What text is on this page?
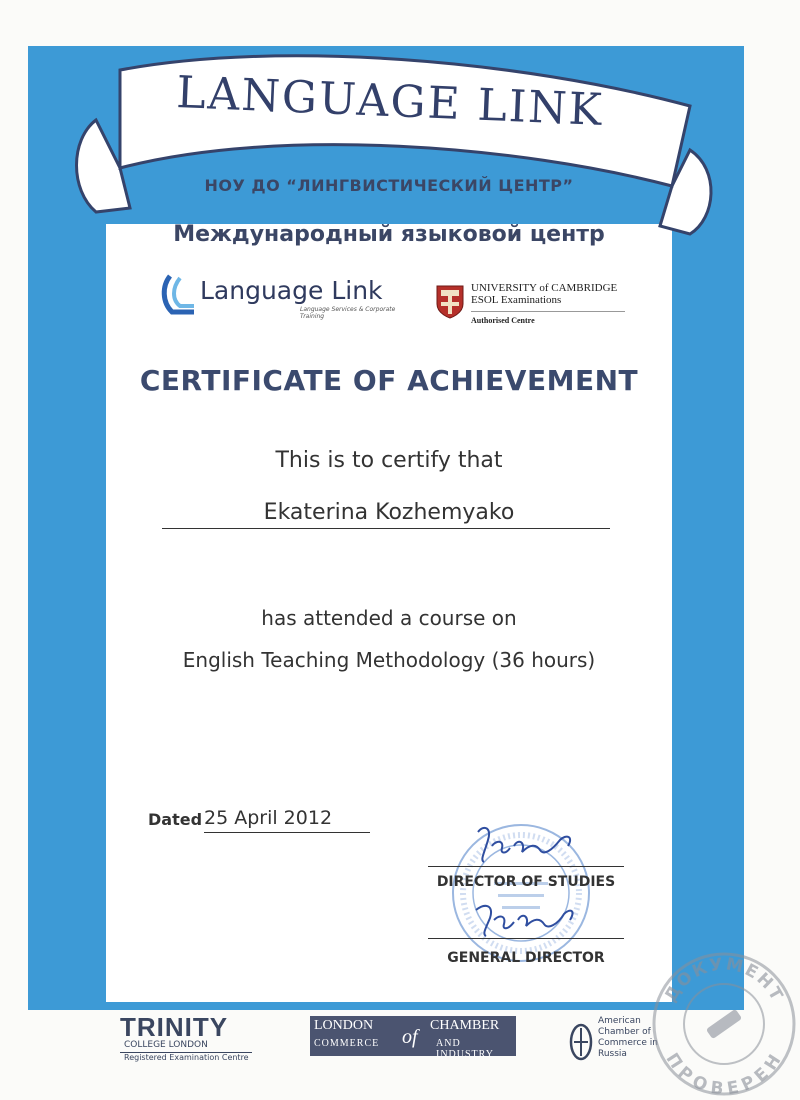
LANGUAGE LINK
НОУ ДО “ЛИНГВИСТИЧЕСКИЙ ЦЕНТР”
Международный языковой центр
Language Link
Language Services & Corporate Training
UNIVERSITY of CAMBRIDGE
ESOL Examinations
Authorised Centre
CERTIFICATE OF ACHIEVEMENT
This is to certify that
Ekaterina Kozhemyako
has attended a course on
English Teaching Methodology (36 hours)
Dated 25 April 2012
DIRECTOR OF STUDIES
GENERAL DIRECTOR
TRINITY
COLLEGE LONDON
Registered Examination Centre
LONDON
of
CHAMBER
COMMERCE	AND INDUSTRY
American
Chamber of
Commerce in
Russia
ДОКУМЕНТ
ПРОВЕРЕН
